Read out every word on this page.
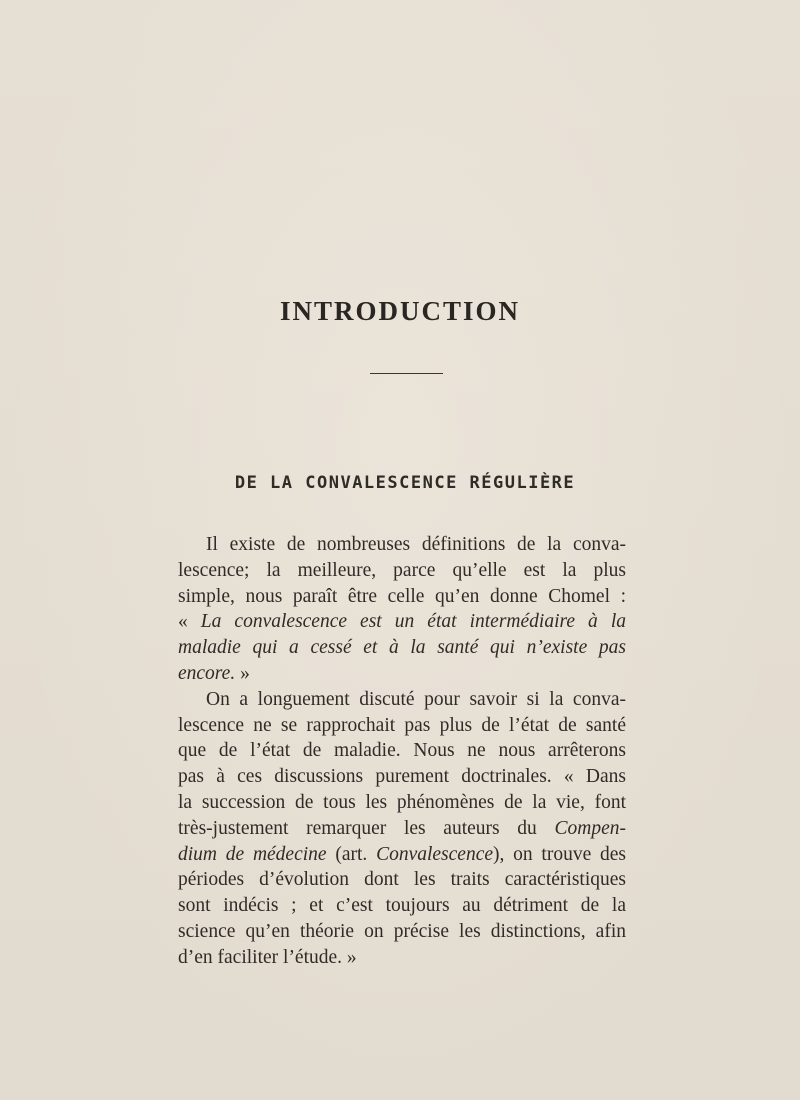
INTRODUCTION
DE LA CONVALESCENCE RÉGULIÈRE
Il existe de nombreuses définitions de la conva-
lescence; la meilleure, parce qu’elle est la plus
simple, nous paraît être celle qu’en donne Chomel :
« La convalescence est un état intermédiaire à la
maladie qui a cessé et à la santé qui n’existe pas
encore. »
On a longuement discuté pour savoir si la conva-
lescence ne se rapprochait pas plus de l’état de santé
que de l’état de maladie. Nous ne nous arrêterons
pas à ces discussions purement doctrinales. « Dans
la succession de tous les phénomènes de la vie, font
très-justement remarquer les auteurs du Compen-
dium de médecine (art. Convalescence), on trouve des
périodes d’évolution dont les traits caractéristiques
sont indécis ; et c’est toujours au détriment de la
science qu’en théorie on précise les distinctions, afin
d’en faciliter l’étude. »
